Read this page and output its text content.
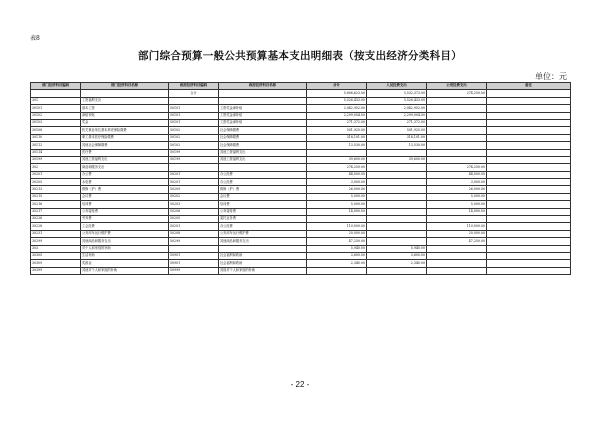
表8
部门综合预算一般公共预算基本支出明细表（按支出经济分类科目）
单位：元
部门经济科目编码	部门经济科目名称	政府经济科目编码	政府经济科目名称	合计	人员经费支出	公用经费支出	备注
		合计		5,806,623.00	5,532,373.00	274,250.00	
301	工资福利支出			5,526,433.00	5,526,433.00		
30101	基本工资	50101	工资奖金津补贴	2,042,952.00	2,042,952.00		
30102	津贴补贴	50101	工资奖金津补贴	2,299,004.00	2,299,004.00		
30103	奖金	50101	工资奖金津补贴	271,372.00	271,372.00		
30108	机关事业单位基本养老保险缴费	50102	社会保障缴费	501,925.00	501,925.00		
30110	职工基本医疗保险缴费	50102	社会保障缴费	318,101.00	318,101.00		
30112	其他社会保障缴费	50102	社会保障缴费	13,530.00	13,530.00		
30114	医疗费	50199	其他工资福利支出				
30199	其他工资福利支出	50199	其他工资福利支出	39,600.00	39,600.00		
302	商品和服务支出			274,250.00		274,250.00	
30201	办公费	50201	办公经费	44,000.00		44,000.00	
30205	水电费	50201	办公经费	3,000.00		3,000.00	
30213	维修（护）费	50209	维修（护）费	26,000.00		26,000.00	
30215	会议费	50202	会议费	5,000.00		5,000.00	
30216	培训费	50203	培训费	5,000.00		5,000.00	
30217	公务接待费	50206	公务接待费	14,000.00		14,000.00	
30226	劳务费	50205	委托业务费				
30228	工会经费	50201	办公经费	110,000.00		110,000.00	
30231	公务用车运行维护费	50208	公务用车运行维护费	20,000.00		20,000.00	
30299	其他商品和服务支出	50299	其他商品和服务支出	47,250.00		47,250.00	
303	对个人和家庭的补助			5,940.00	5,940.00		
30305	生活补助	50901	社会福利和救助	3,600.00	3,600.00		
30309	奖励金	50901	社会福利和救助	2,340.00	2,340.00		
30399	其他对个人和家庭的补助	50999	其他对个人和家庭的补助				
- 22 -
